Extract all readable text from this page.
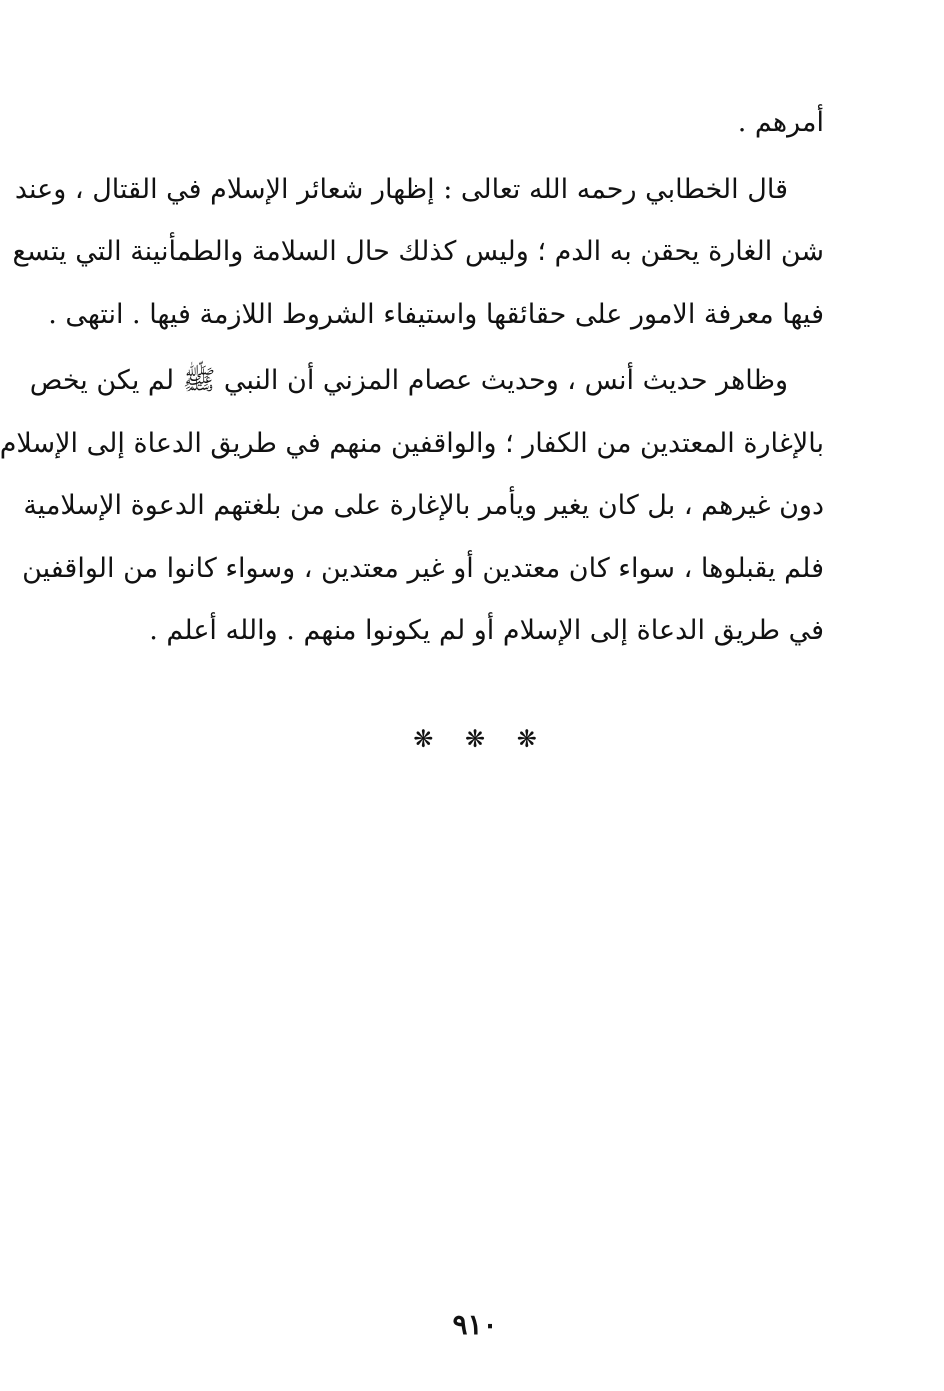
أمرهم .
قال الخطابي رحمه الله تعالى : إظهار شعائر الإسلام في القتال ، وعند
شن الغارة يحقن به الدم ؛ وليس كذلك حال السلامة والطمأنينة التي يتسع
فيها معرفة الامور على حقائقها واستيفاء الشروط اللازمة فيها . انتهى .
وظاهر حديث أنس ، وحديث عصام المزني أن النبي ﷺ لم يكن يخص
بالإغارة المعتدين من الكفار ؛ والواقفين منهم في طريق الدعاة إلى الإسلام
دون غيرهم ، بل كان يغير ويأمر بالإغارة على من بلغتهم الدعوة الإسلامية
فلم يقبلوها ، سواء كان معتدين أو غير معتدين ، وسواء كانوا من الواقفين
في طريق الدعاة إلى الإسلام أو لم يكونوا منهم . والله أعلم .
❋ ❋ ❋
٩١٠
